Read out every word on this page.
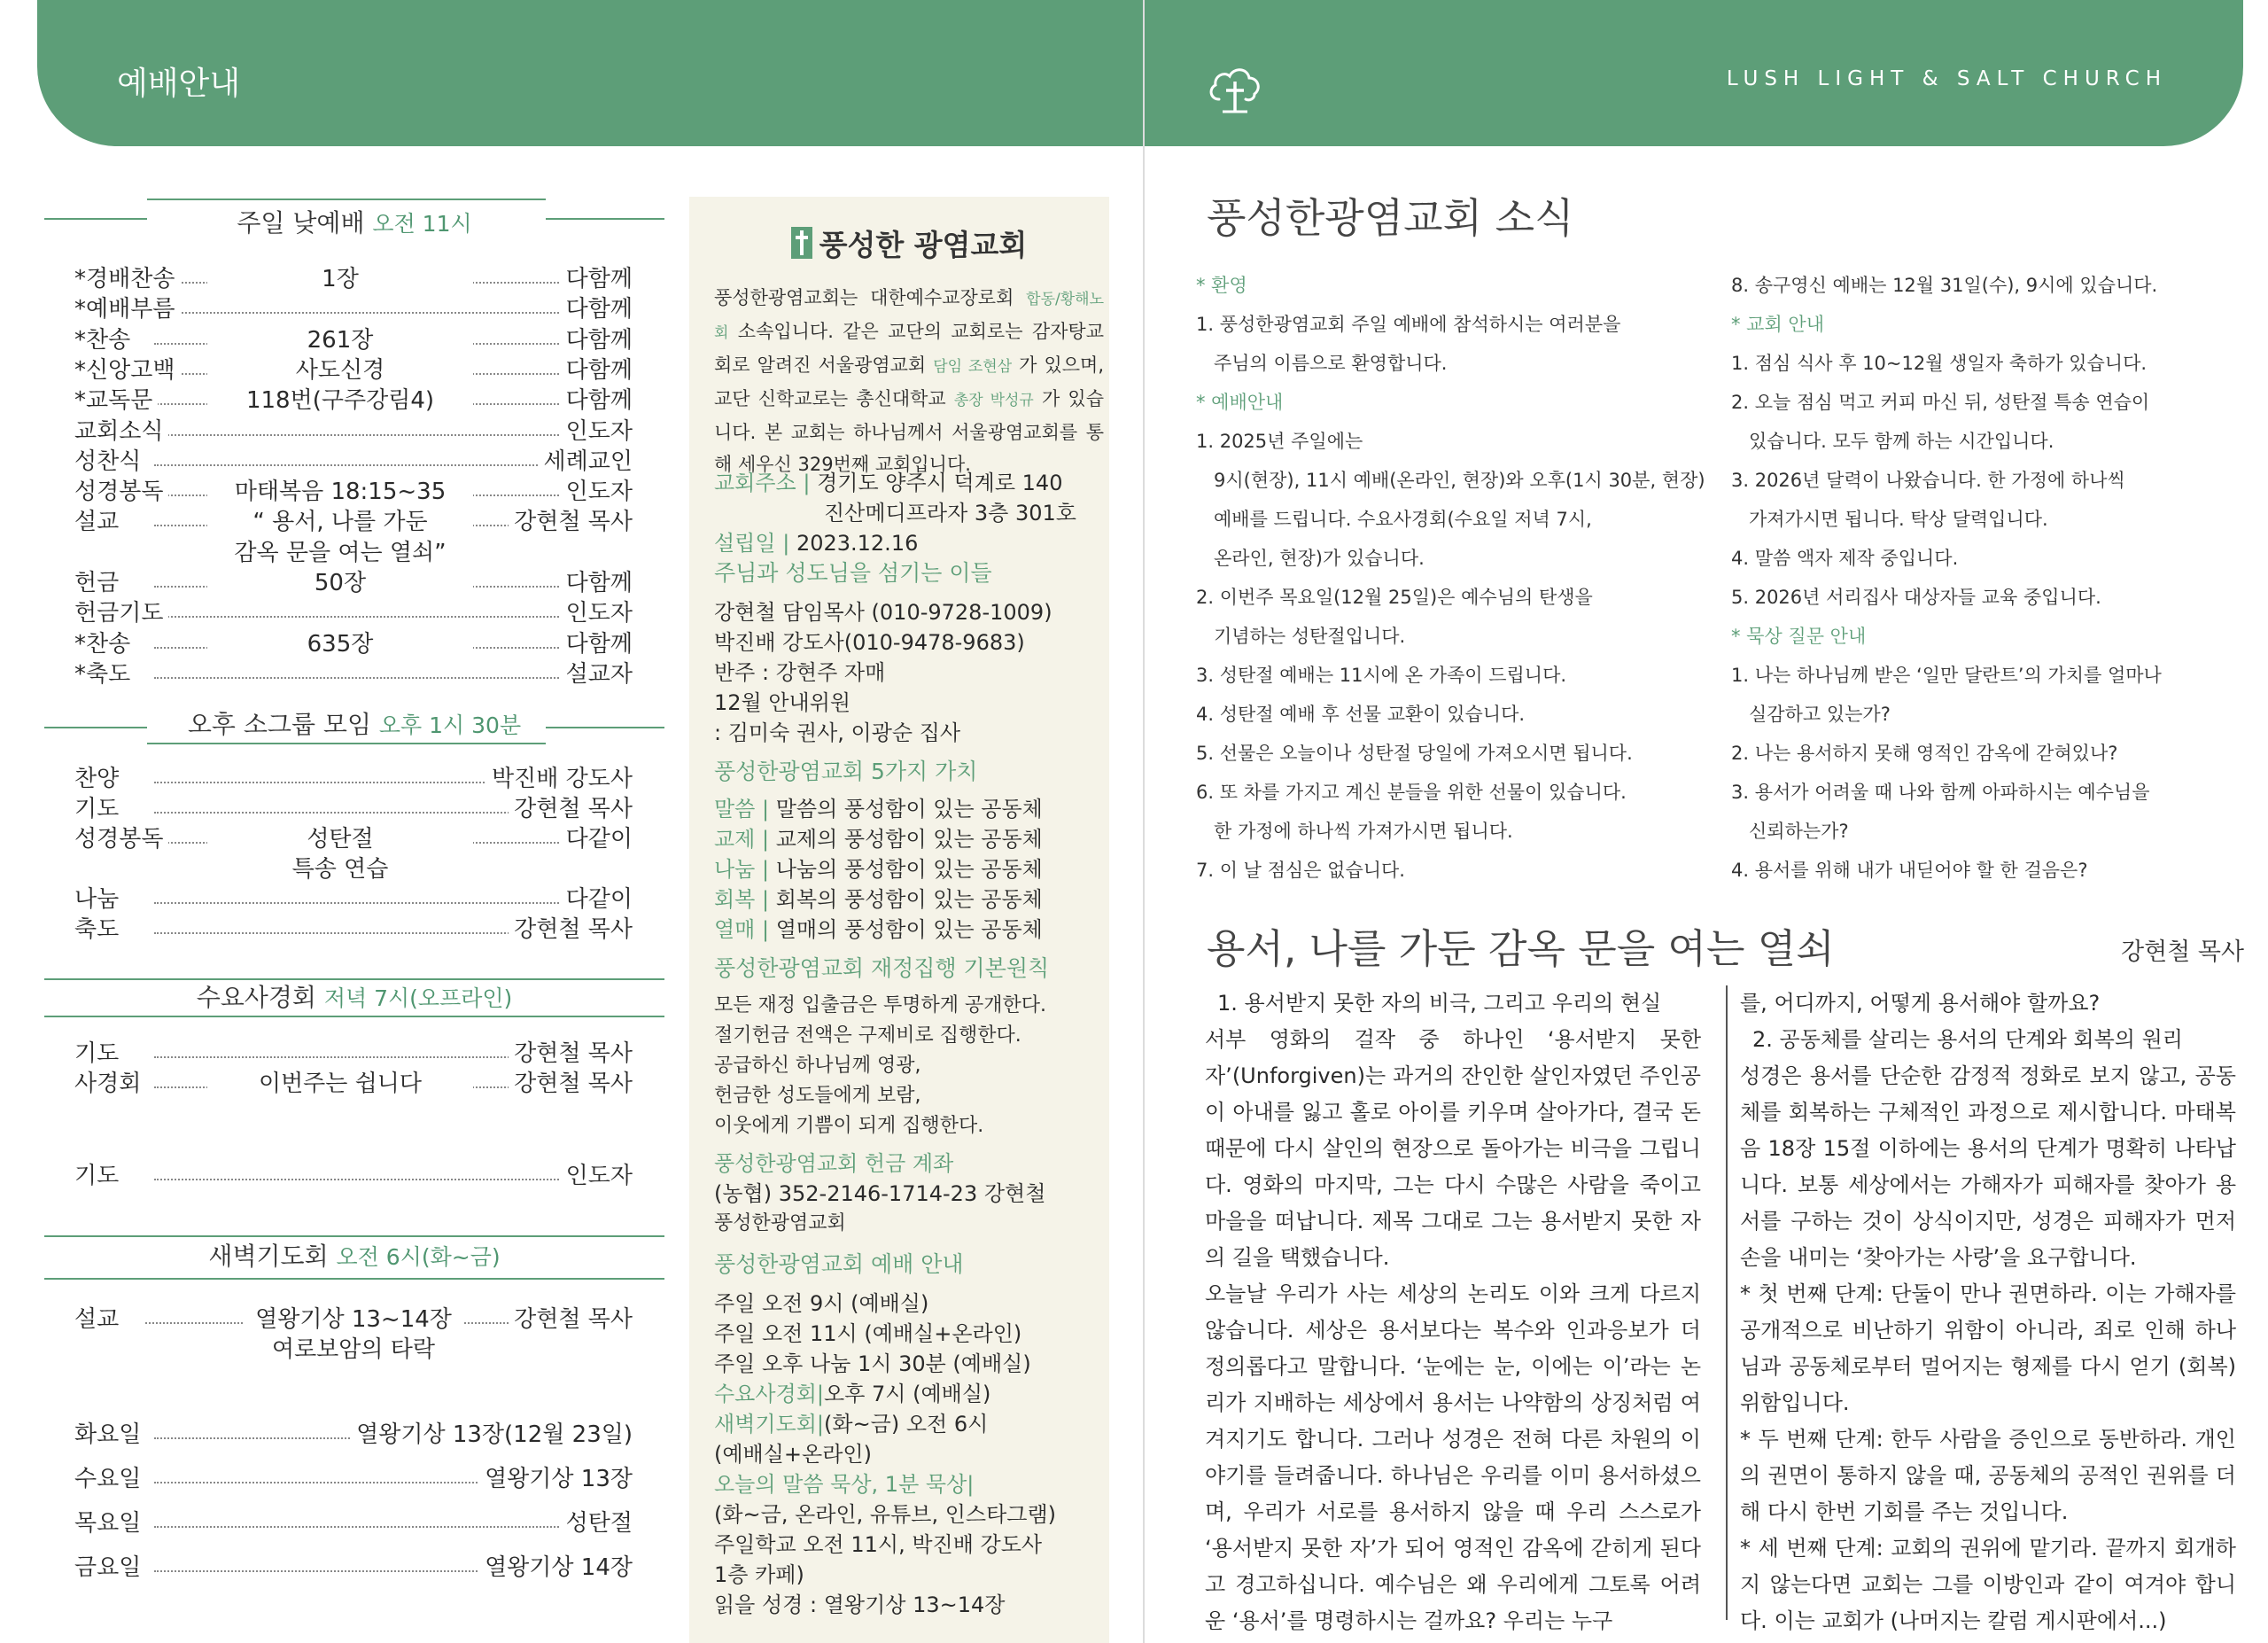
예배안내	LUSH LIGHT & SALT CHURCH
주일 낮예배 오전 11시
*경배찬송	1장	다함께
*예배부름	다함께
*찬송	261장	다함께
*신앙고백	사도신경	다함께
*교독문	118번(구주강림4)	다함께
교회소식	인도자
성찬식	세례교인
성경봉독	마태복음 18:15~35	인도자
설교	“ 용서, 나를 가둔	강현철 목사
감옥 문을 여는 열쇠”
헌금	50장	다함께
헌금기도	인도자
*찬송	635장	다함께
*축도	설교자
오후 소그룹 모임 오후 1시 30분
찬양	박진배 강도사
기도	강현철 목사
성경봉독	성탄절	다같이
특송 연습
나눔	다같이
축도	강현철 목사
수요사경회 저녁 7시(오프라인)
기도	강현철 목사
사경회	이번주는 쉽니다	강현철 목사
기도	인도자
새벽기도회 오전 6시(화~금)
설교	열왕기상 13~14장	강현철 목사
여로보암의 타락
화요일	열왕기상 13장(12월 23일)
수요일	열왕기상 13장
목요일	성탄절
금요일	열왕기상 14장
풍성한 광염교회
풍성한광염교회는 대한예수교장로회 합동/황해노회 소속입니다. 같은 교단의 교회로는 감자탕교회로 알려진 서울광염교회 담임 조현삼 가 있으며, 교단 신학교로는 총신대학교 총장 박성규 가 있습니다. 본 교회는 하나님께서 서울광염교회를 통해 세우신 329번째 교회입니다.
교회주소 | 경기도 양주시 덕계로 140
진산메디프라자 3층 301호
설립일 | 2023.12.16
주님과 성도님을 섬기는 이들
강현철 담임목사 (010-9728-1009)
박진배 강도사(010-9478-9683)
반주 : 강현주 자매
12월 안내위원
: 김미숙 권사, 이광순 집사
풍성한광염교회 5가지 가치
말씀 | 말씀의 풍성함이 있는 공동체
교제 | 교제의 풍성함이 있는 공동체
나눔 | 나눔의 풍성함이 있는 공동체
회복 | 회복의 풍성함이 있는 공동체
열매 | 열매의 풍성함이 있는 공동체
풍성한광염교회 재정집행 기본원칙
모든 재정 입출금은 투명하게 공개한다.
절기헌금 전액은 구제비로 집행한다.
공급하신 하나님께 영광,
헌금한 성도들에게 보람,
이웃에게 기쁨이 되게 집행한다.
풍성한광염교회 헌금 계좌
(농협) 352-2146-1714-23 강현철
풍성한광염교회
풍성한광염교회 예배 안내
주일 오전 9시 (예배실)
주일 오전 11시 (예배실+온라인)
주일 오후 나눔 1시 30분 (예배실)
수요사경회|오후 7시 (예배실)
새벽기도회|(화~금) 오전 6시
(예배실+온라인)
오늘의 말씀 묵상, 1분 묵상|
(화~금, 온라인, 유튜브, 인스타그램)
주일학교 오전 11시, 박진배 강도사
1층 카페)
읽을 성경 : 열왕기상 13~14장
풍성한광염교회 소식
* 환영
1. 풍성한광염교회 주일 예배에 참석하시는 여러분을
주님의 이름으로 환영합니다.
* 예배안내
1. 2025년 주일에는
9시(현장), 11시 예배(온라인, 현장)와 오후(1시 30분, 현장)
예배를 드립니다. 수요사경회(수요일 저녁 7시,
온라인, 현장)가 있습니다.
2. 이번주 목요일(12월 25일)은 예수님의 탄생을
기념하는 성탄절입니다.
3. 성탄절 예배는 11시에 온 가족이 드립니다.
4. 성탄절 예배 후 선물 교환이 있습니다.
5. 선물은 오늘이나 성탄절 당일에 가져오시면 됩니다.
6. 또 차를 가지고 계신 분들을 위한 선물이 있습니다.
한 가정에 하나씩 가져가시면 됩니다.
7. 이 날 점심은 없습니다.
8. 송구영신 예배는 12월 31일(수), 9시에 있습니다.
* 교회 안내
1. 점심 식사 후 10~12월 생일자 축하가 있습니다.
2. 오늘 점심 먹고 커피 마신 뒤, 성탄절 특송 연습이
있습니다. 모두 함께 하는 시간입니다.
3. 2026년 달력이 나왔습니다. 한 가정에 하나씩
가져가시면 됩니다. 탁상 달력입니다.
4. 말씀 액자 제작 중입니다.
5. 2026년 서리집사 대상자들 교육 중입니다.
* 묵상 질문 안내
1. 나는 하나님께 받은 ‘일만 달란트’의 가치를 얼마나
실감하고 있는가?
2. 나는 용서하지 못해 영적인 감옥에 갇혀있나?
3. 용서가 어려울 때 나와 함께 아파하시는 예수님을
신뢰하는가?
4. 용서를 위해 내가 내딛어야 할 한 걸음은?
용서, 나를 가둔 감옥 문을 여는 열쇠	강현철 목사
1. 용서받지 못한 자의 비극, 그리고 우리의 현실
서부 영화의 걸작 중 하나인 ‘용서받지 못한 자’(Unforgiven)는 과거의 잔인한 살인자였던 주인공이 아내를 잃고 홀로 아이를 키우며 살아가다, 결국 돈 때문에 다시 살인의 현장으로 돌아가는 비극을 그립니다. 영화의 마지막, 그는 다시 수많은 사람을 죽이고 마을을 떠납니다. 제목 그대로 그는 용서받지 못한 자의 길을 택했습니다.
오늘날 우리가 사는 세상의 논리도 이와 크게 다르지 않습니다. 세상은 용서보다는 복수와 인과응보가 더 정의롭다고 말합니다. ‘눈에는 눈, 이에는 이’라는 논리가 지배하는 세상에서 용서는 나약함의 상징처럼 여겨지기도 합니다. 그러나 성경은 전혀 다른 차원의 이야기를 들려줍니다. 하나님은 우리를 이미 용서하셨으며, 우리가 서로를 용서하지 않을 때 우리 스스로가 ‘용서받지 못한 자’가 되어 영적인 감옥에 갇히게 된다고 경고하십니다. 예수님은 왜 우리에게 그토록 어려운 ‘용서’를 명령하시는 걸까요? 우리는 누구
를, 어디까지, 어떻게 용서해야 할까요?
2. 공동체를 살리는 용서의 단계와 회복의 원리
성경은 용서를 단순한 감정적 정화로 보지 않고, 공동체를 회복하는 구체적인 과정으로 제시합니다. 마태복음 18장 15절 이하에는 용서의 단계가 명확히 나타납니다. 보통 세상에서는 가해자가 피해자를 찾아가 용서를 구하는 것이 상식이지만, 성경은 피해자가 먼저 손을 내미는 ‘찾아가는 사랑’을 요구합니다.
* 첫 번째 단계: 단둘이 만나 권면하라. 이는 가해자를 공개적으로 비난하기 위함이 아니라, 죄로 인해 하나님과 공동체로부터 멀어지는 형제를 다시 얻기 (회복) 위함입니다.
* 두 번째 단계: 한두 사람을 증인으로 동반하라. 개인의 권면이 통하지 않을 때, 공동체의 공적인 권위를 더해 다시 한번 기회를 주는 것입니다.
* 세 번째 단계: 교회의 권위에 맡기라. 끝까지 회개하지 않는다면 교회는 그를 이방인과 같이 여겨야 합니다. 이는 교회가 (나머지는 칼럼 게시판에서...)
